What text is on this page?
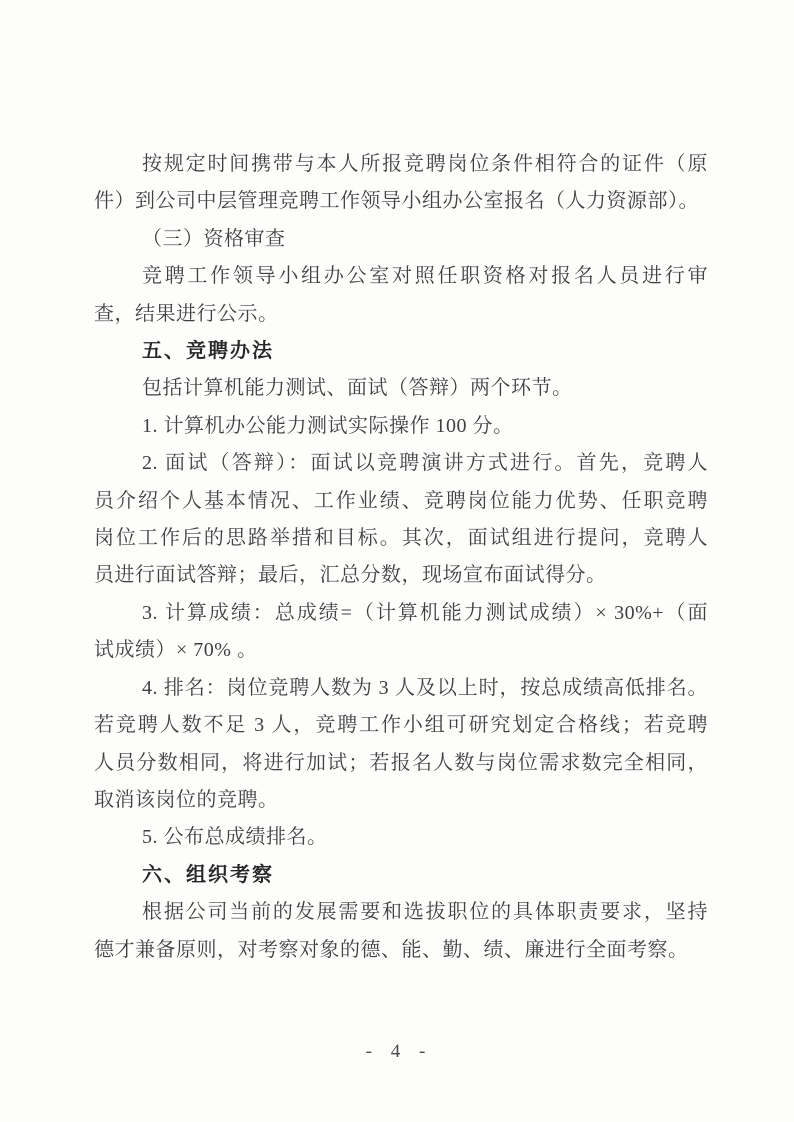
按规定时间携带与本人所报竞聘岗位条件相符合的证件（原
件）到公司中层管理竞聘工作领导小组办公室报名（人力资源部）。
（三）资格审查
竞聘工作领导小组办公室对照任职资格对报名人员进行审
查，结果进行公示。
五、竞聘办法
包括计算机能力测试、面试（答辩）两个环节。
1. 计算机办公能力测试实际操作 100 分。
2. 面试（答辩）：面试以竞聘演讲方式进行。首先，竞聘人
员介绍个人基本情况、工作业绩、竞聘岗位能力优势、任职竞聘
岗位工作后的思路举措和目标。其次，面试组进行提问，竞聘人
员进行面试答辩；最后，汇总分数，现场宣布面试得分。
3. 计算成绩：总成绩=（计算机能力测试成绩）× 30%+（面
试成绩）× 70% 。
4. 排名：岗位竞聘人数为 3 人及以上时，按总成绩高低排名。
若竞聘人数不足 3 人，竞聘工作小组可研究划定合格线；若竞聘
人员分数相同，将进行加试；若报名人数与岗位需求数完全相同，
取消该岗位的竞聘。
5. 公布总成绩排名。
六、组织考察
根据公司当前的发展需要和选拔职位的具体职责要求，坚持
德才兼备原则，对考察对象的德、能、勤、绩、廉进行全面考察。
- 4 -
